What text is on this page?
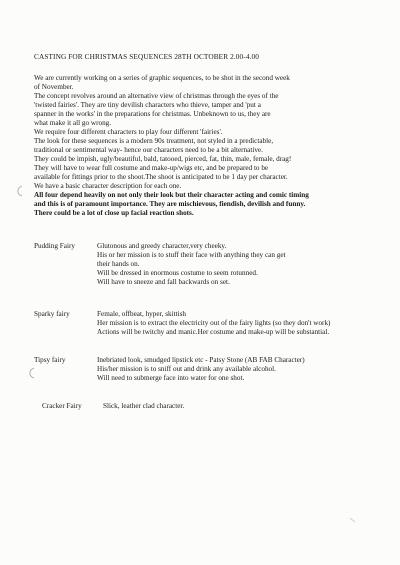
CASTING FOR CHRISTMAS SEQUENCES 28TH OCTOBER 2.00-4.00

We are currently working on a series of graphic sequences, to be shot in the second week

of November.

The concept revolves around an alternative view of christmas through the eyes of the

'twisted fairies'. They are tiny devilish characters who thieve, tamper and 'put a

spanner in the works' in the preparations for christmas. Unbeknown to us, they are

what make it all go wrong.

We require four different characters to play four different 'fairies'.

The look for these sequences is a modern 90s treatment, not styled in a predictable,

traditional or sentimental way- hence our characters need to be a bit alternative.

They could be impish, ugly/beautiful, bald, tatooed, pierced, fat, thin, male, female, drag!

They will have to wear full costume and make-up/wigs etc, and be prepared to be

available for fittings prior to the shoot.The shoot is anticipated to be 1 day per character.

We have a basic character description for each one.

All four depend heavily on not only their look but their character acting and comic timing

and this is of paramount importance. They are mischievous, fiendish, devilish and funny.

There could be a lot of close up facial reaction shots.

Pudding Fairy	Glutonous and greedy character,very cheeky.
His or her mission is to stuff their face with anything they can get
their hands on.
Will be dressed in enormous costume to seem rotunned.
Will have to sneeze and fall backwards on set.
Sparky fairy	Female, offbeat, hyper, skittish
Her mission is to extract the electricity out of the fairy lights (so they don't work)
Actions will be twitchy and manic.Her costume and make-up will be substantial.
Tipsy fairy	Inebriated look, smudged lipstick etc - Patsy Stone (AB FAB Character)
His/her mission is to sniff out and drink any available alcohol.
Will need to submerge face into water for one shot.
Cracker Fairy	Slick, leather clad character.
